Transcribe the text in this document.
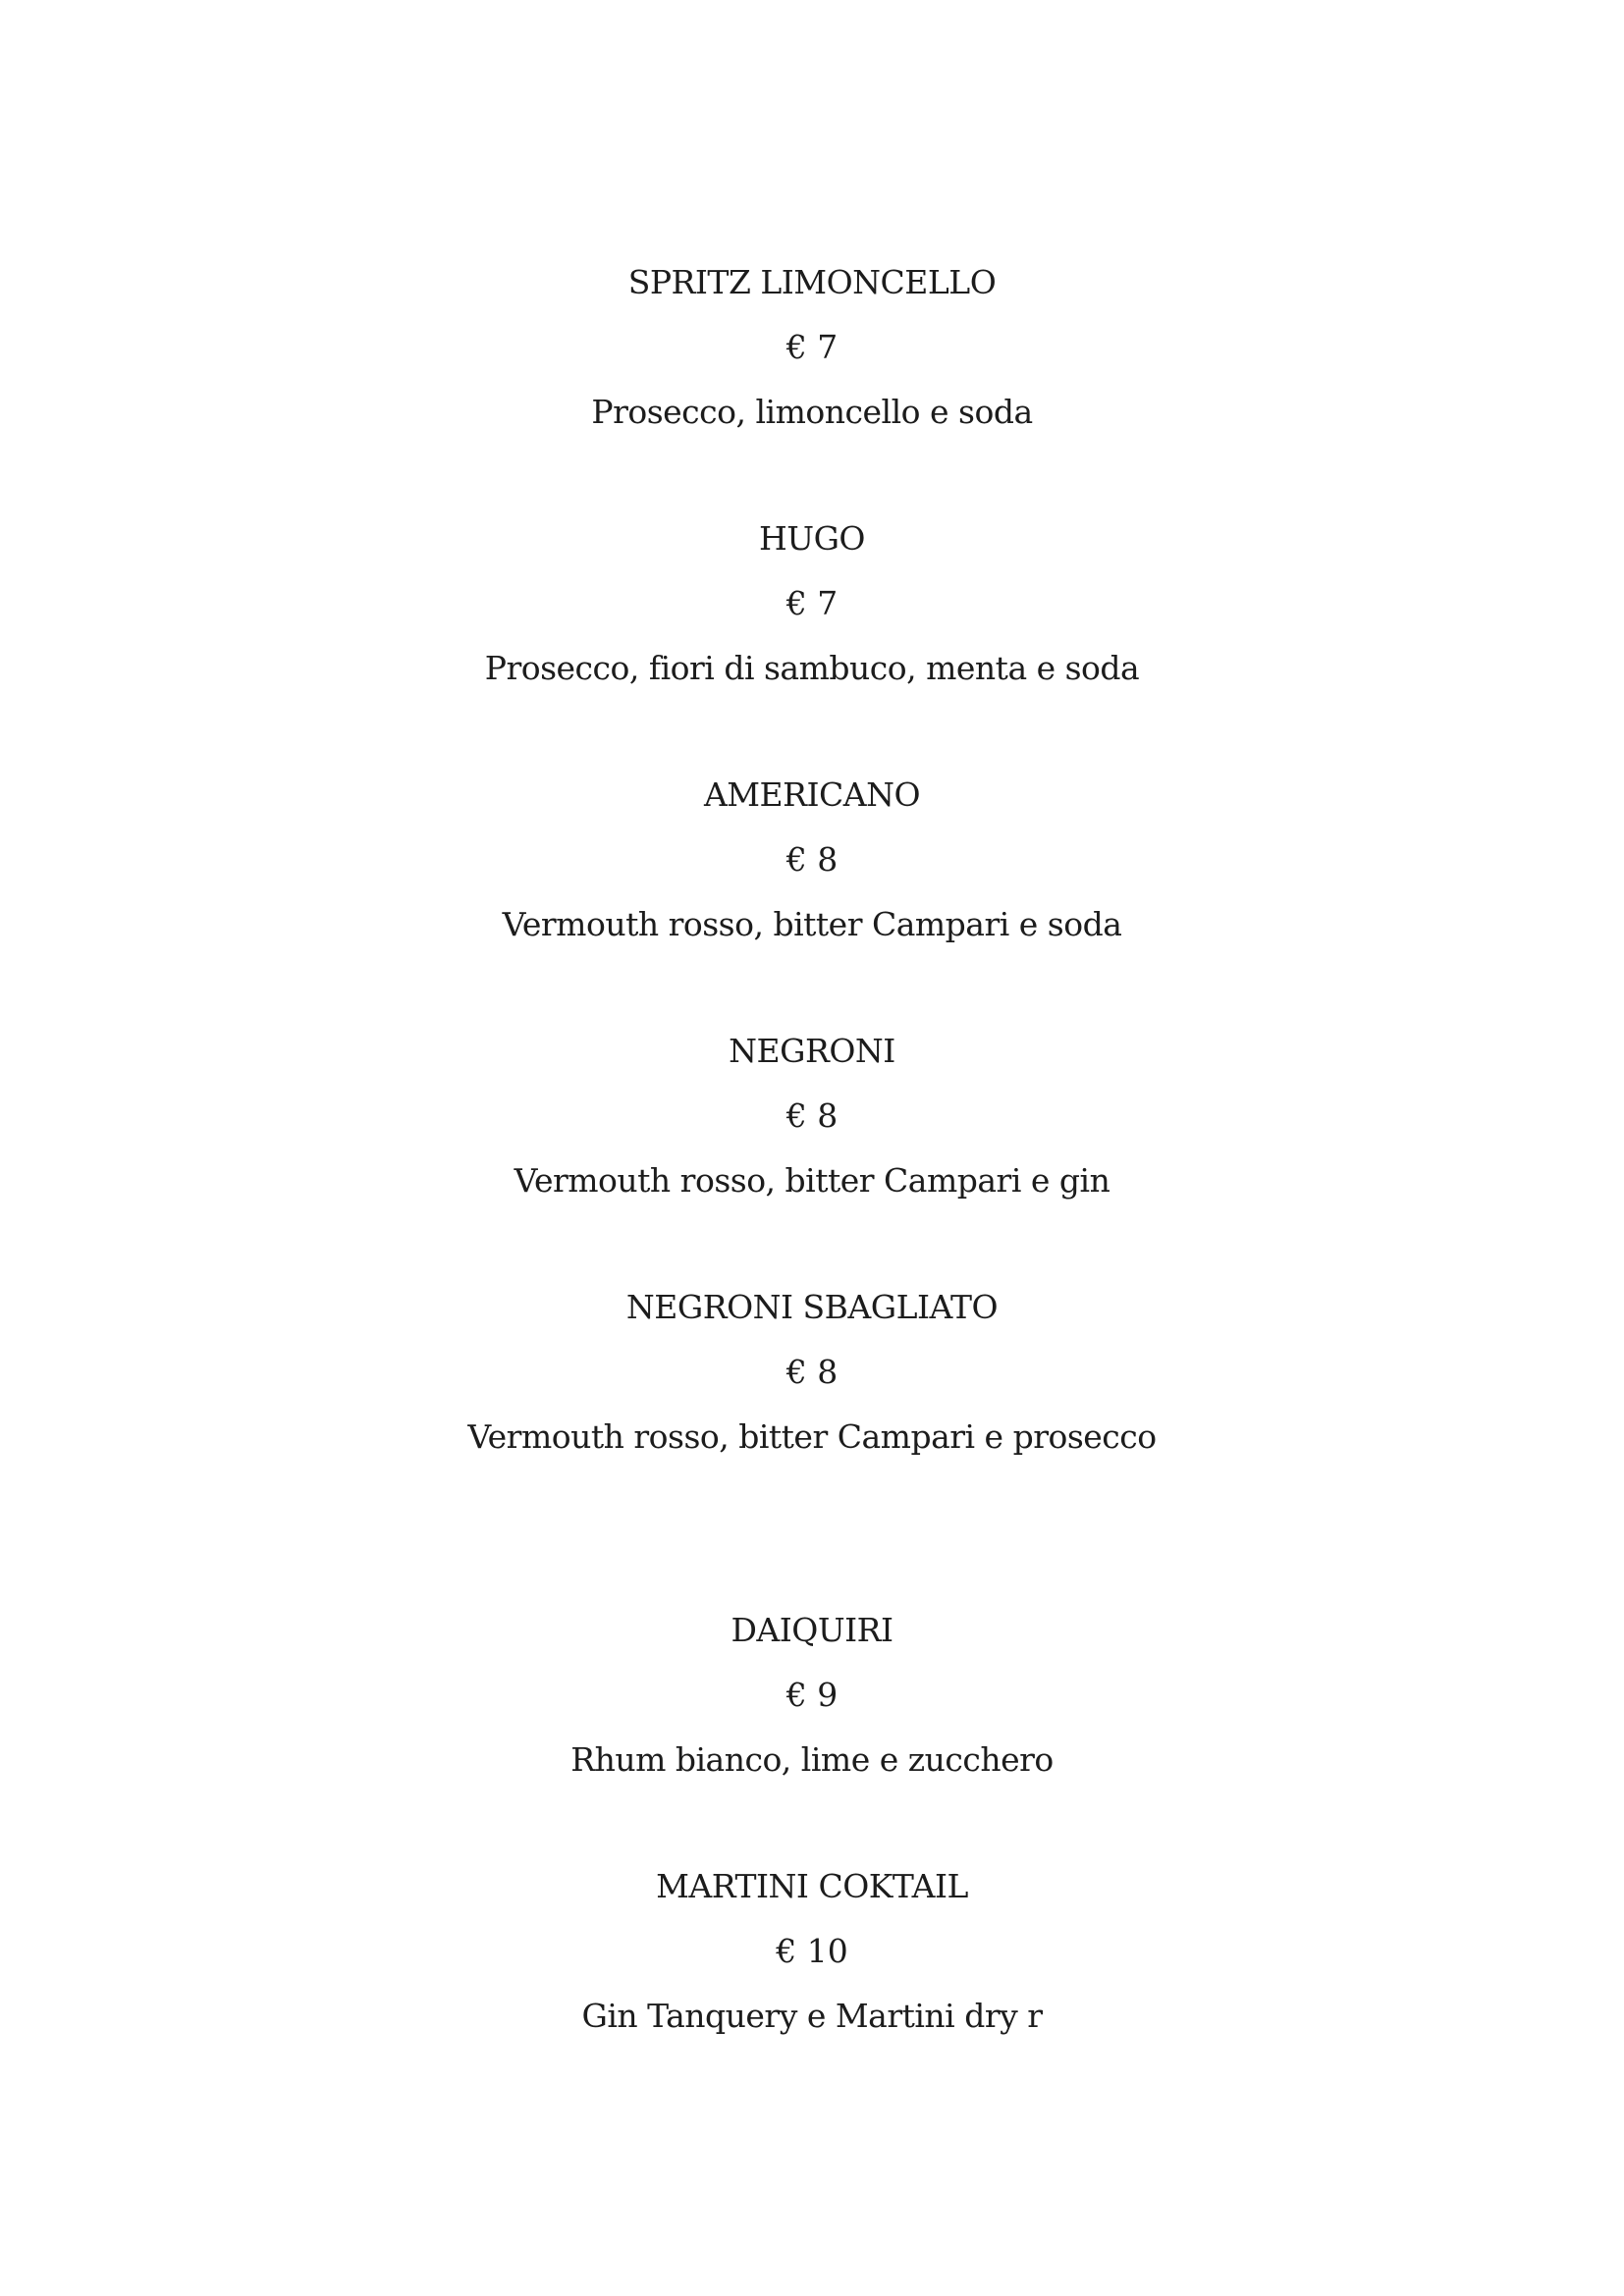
SPRITZ LIMONCELLO
€ 7
Prosecco, limoncello e soda
HUGO
€ 7
Prosecco, fiori di sambuco, menta e soda
AMERICANO
€ 8
Vermouth rosso, bitter Campari e soda
NEGRONI
€ 8
Vermouth rosso, bitter Campari e gin
NEGRONI SBAGLIATO
€ 8
Vermouth rosso, bitter Campari e prosecco
DAIQUIRI
€ 9
Rhum bianco, lime e zucchero
MARTINI COKTAIL
€ 10
Gin Tanquery e Martini dry r
